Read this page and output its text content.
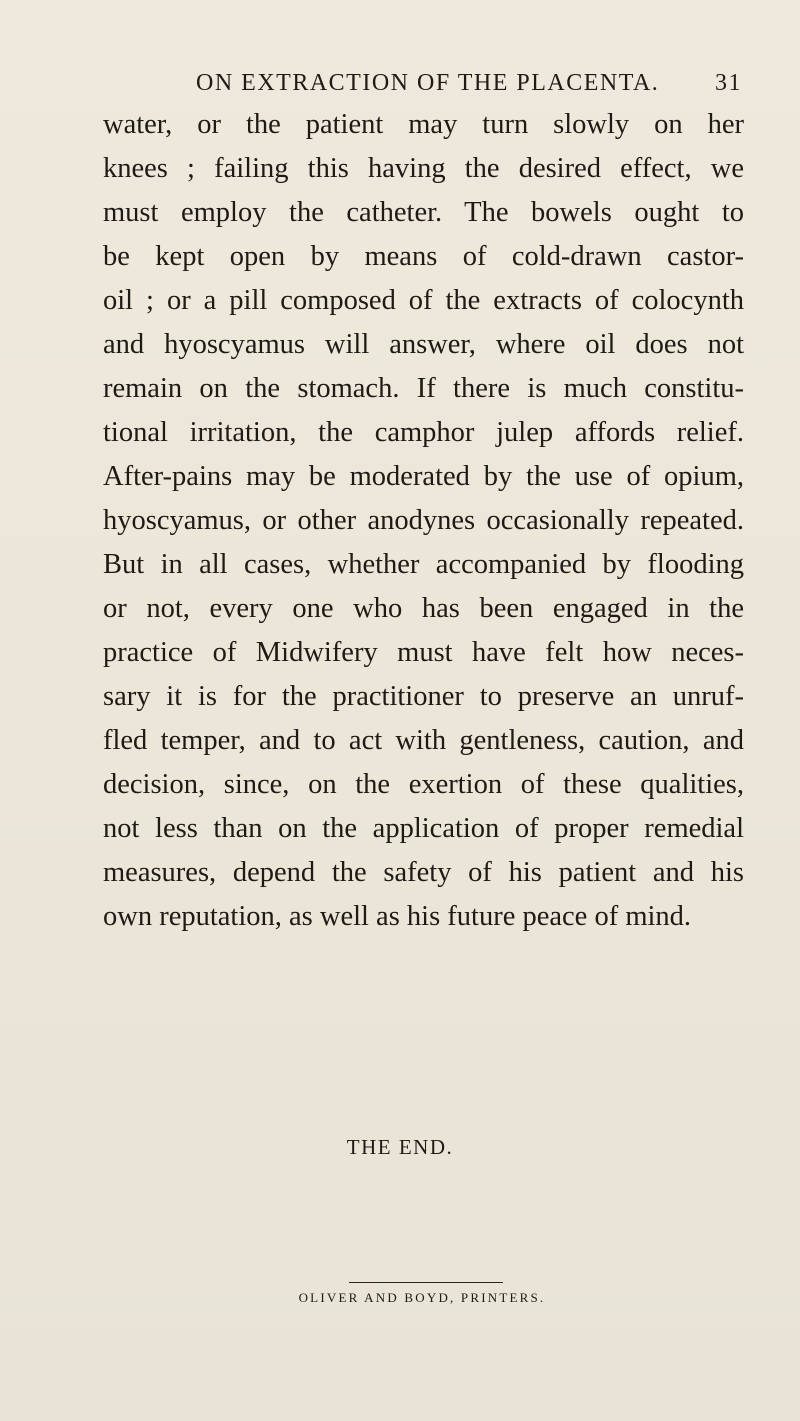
ON EXTRACTION OF THE PLACENTA. 31
water, or the patient may turn slowly on her
knees ; failing this having the desired effect, we
must employ the catheter. The bowels ought to
be kept open by means of cold-drawn castor-
oil ; or a pill composed of the extracts of colocynth
and hyoscyamus will answer, where oil does not
remain on the stomach. If there is much constitu-
tional irritation, the camphor julep affords relief.
After-pains may be moderated by the use of opium,
hyoscyamus, or other anodynes occasionally repeated.
But in all cases, whether accompanied by flooding
or not, every one who has been engaged in the
practice of Midwifery must have felt how neces-
sary it is for the practitioner to preserve an unruf-
fled temper, and to act with gentleness, caution, and
decision, since, on the exertion of these qualities,
not less than on the application of proper remedial
measures, depend the safety of his patient and his
own reputation, as well as his future peace of mind.
THE END.
OLIVER AND BOYD, PRINTERS.
